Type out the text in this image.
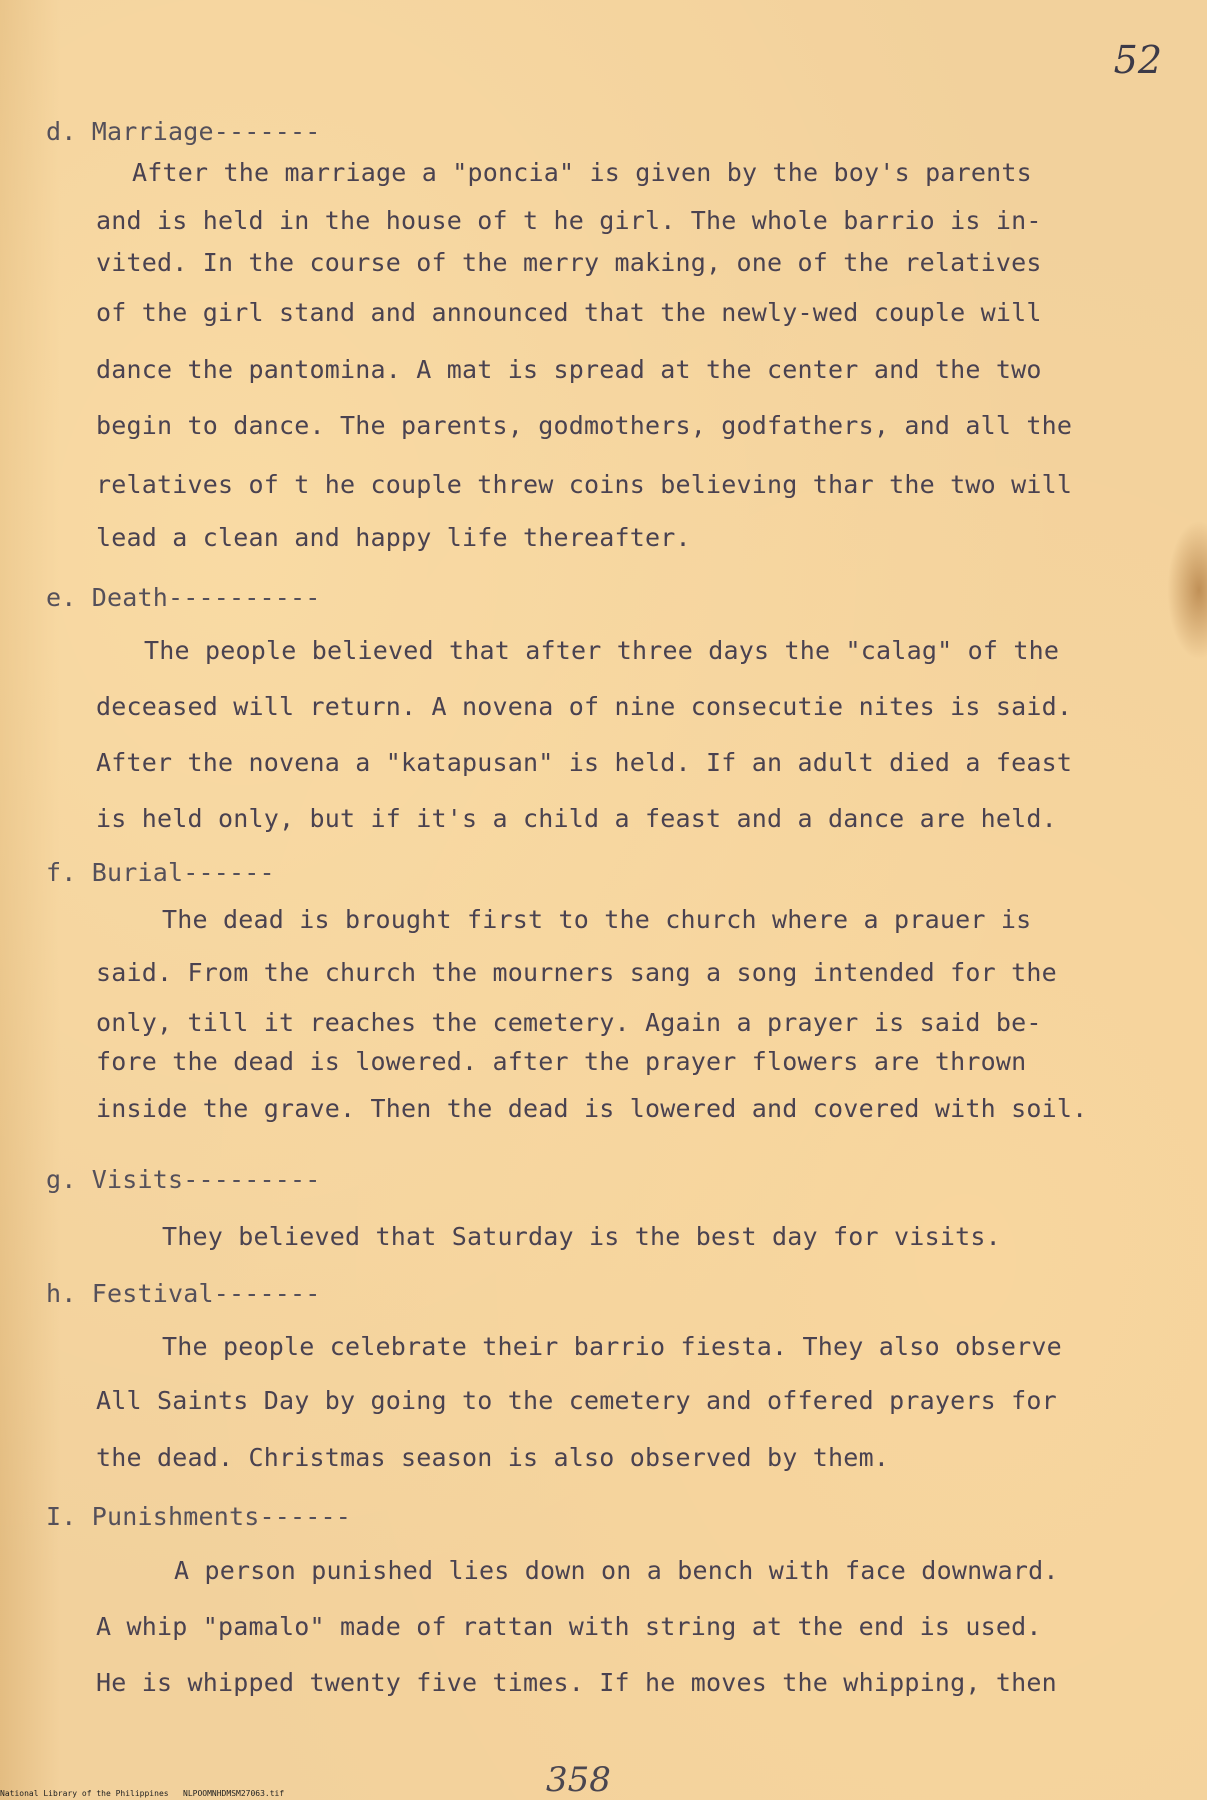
52
d. Marriage-------
After the marriage a "poncia" is given by the boy's parents
and is held in the house of t he girl. The whole barrio is in-
vited. In the course of the merry making, one of the relatives
of the girl stand and announced that the newly-wed couple will
dance the pantomina. A mat is spread at the center and the two
begin to dance. The parents, godmothers, godfathers, and all the
relatives of t he couple threw coins believing thar the two will
lead a clean and happy life thereafter.
e. Death----------
The people believed that after three days the "calag" of the
deceased will return. A novena of nine consecutie nites is said.
After the novena a "katapusan" is held. If an adult died a feast
is held only, but if it's a child a feast and a dance are held.
f. Burial------
The dead is brought first to the church where a prauer is
said. From the church the mourners sang a song intended for the
only, till it reaches the cemetery. Again a prayer is said be-
fore the dead is lowered. after the prayer flowers are thrown
inside the grave. Then the dead is lowered and covered with soil.
g. Visits---------
They believed that Saturday is the best day for visits.
h. Festival-------
The people celebrate their barrio fiesta. They also observe
All Saints Day by going to the cemetery and offered prayers for
the dead. Christmas season is also observed by them.
I. Punishments------
A person punished lies down on a bench with face downward.
A whip "pamalo" made of rattan with string at the end is used.
He is whipped twenty five times. If he moves the whipping, then
358
National Library of the Philippines   NLPOOMNHDMSM27063.tif
